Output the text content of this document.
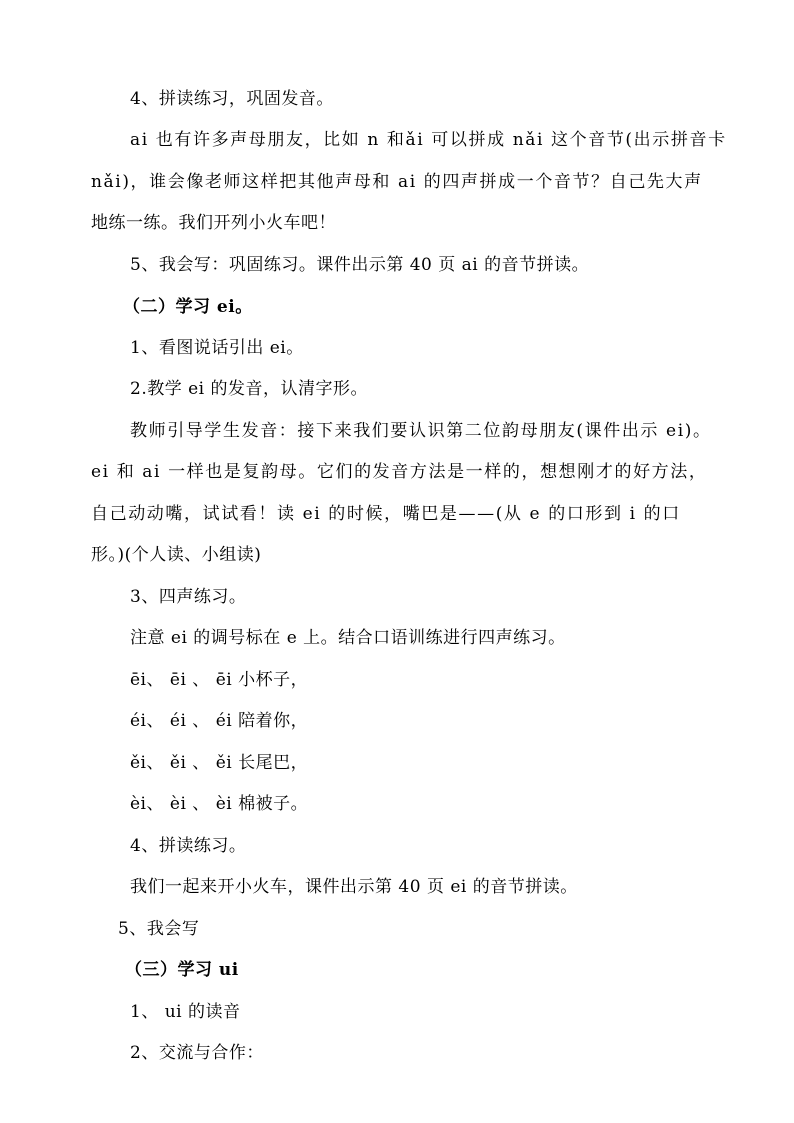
4、拼读练习，巩固发音。
ai 也有许多声母朋友，比如 n 和ǎi 可以拼成 nǎi 这个音节(出示拼音卡
nǎi)，谁会像老师这样把其他声母和 ai 的四声拼成一个音节？自己先大声
地练一练。我们开列小火车吧！
5、我会写：巩固练习。课件出示第 40 页 ai 的音节拼读。
（二）学习 ei。
1、看图说话引出 ei。
2.教学 ei 的发音，认清字形。
教师引导学生发音：接下来我们要认识第二位韵母朋友(课件出示 ei)。
ei 和 ai 一样也是复韵母。它们的发音方法是一样的，想想刚才的好方法，
自己动动嘴，试试看！读 ei 的时候，嘴巴是——(从 e 的口形到 i 的口
形。)(个人读、小组读)
3、四声练习。
注意 ei 的调号标在 e 上。结合口语训练进行四声练习。
ēi、 ēi 、 ēi 小杯子，
éi、 éi 、 éi 陪着你，
ěi、 ěi 、 ěi 长尾巴，
èi、 èi 、 èi 棉被子。
4、拼读练习。
我们一起来开小火车，课件出示第 40 页 ei 的音节拼读。
5、我会写
（三）学习 ui
1、 ui 的读音
2、交流与合作：
